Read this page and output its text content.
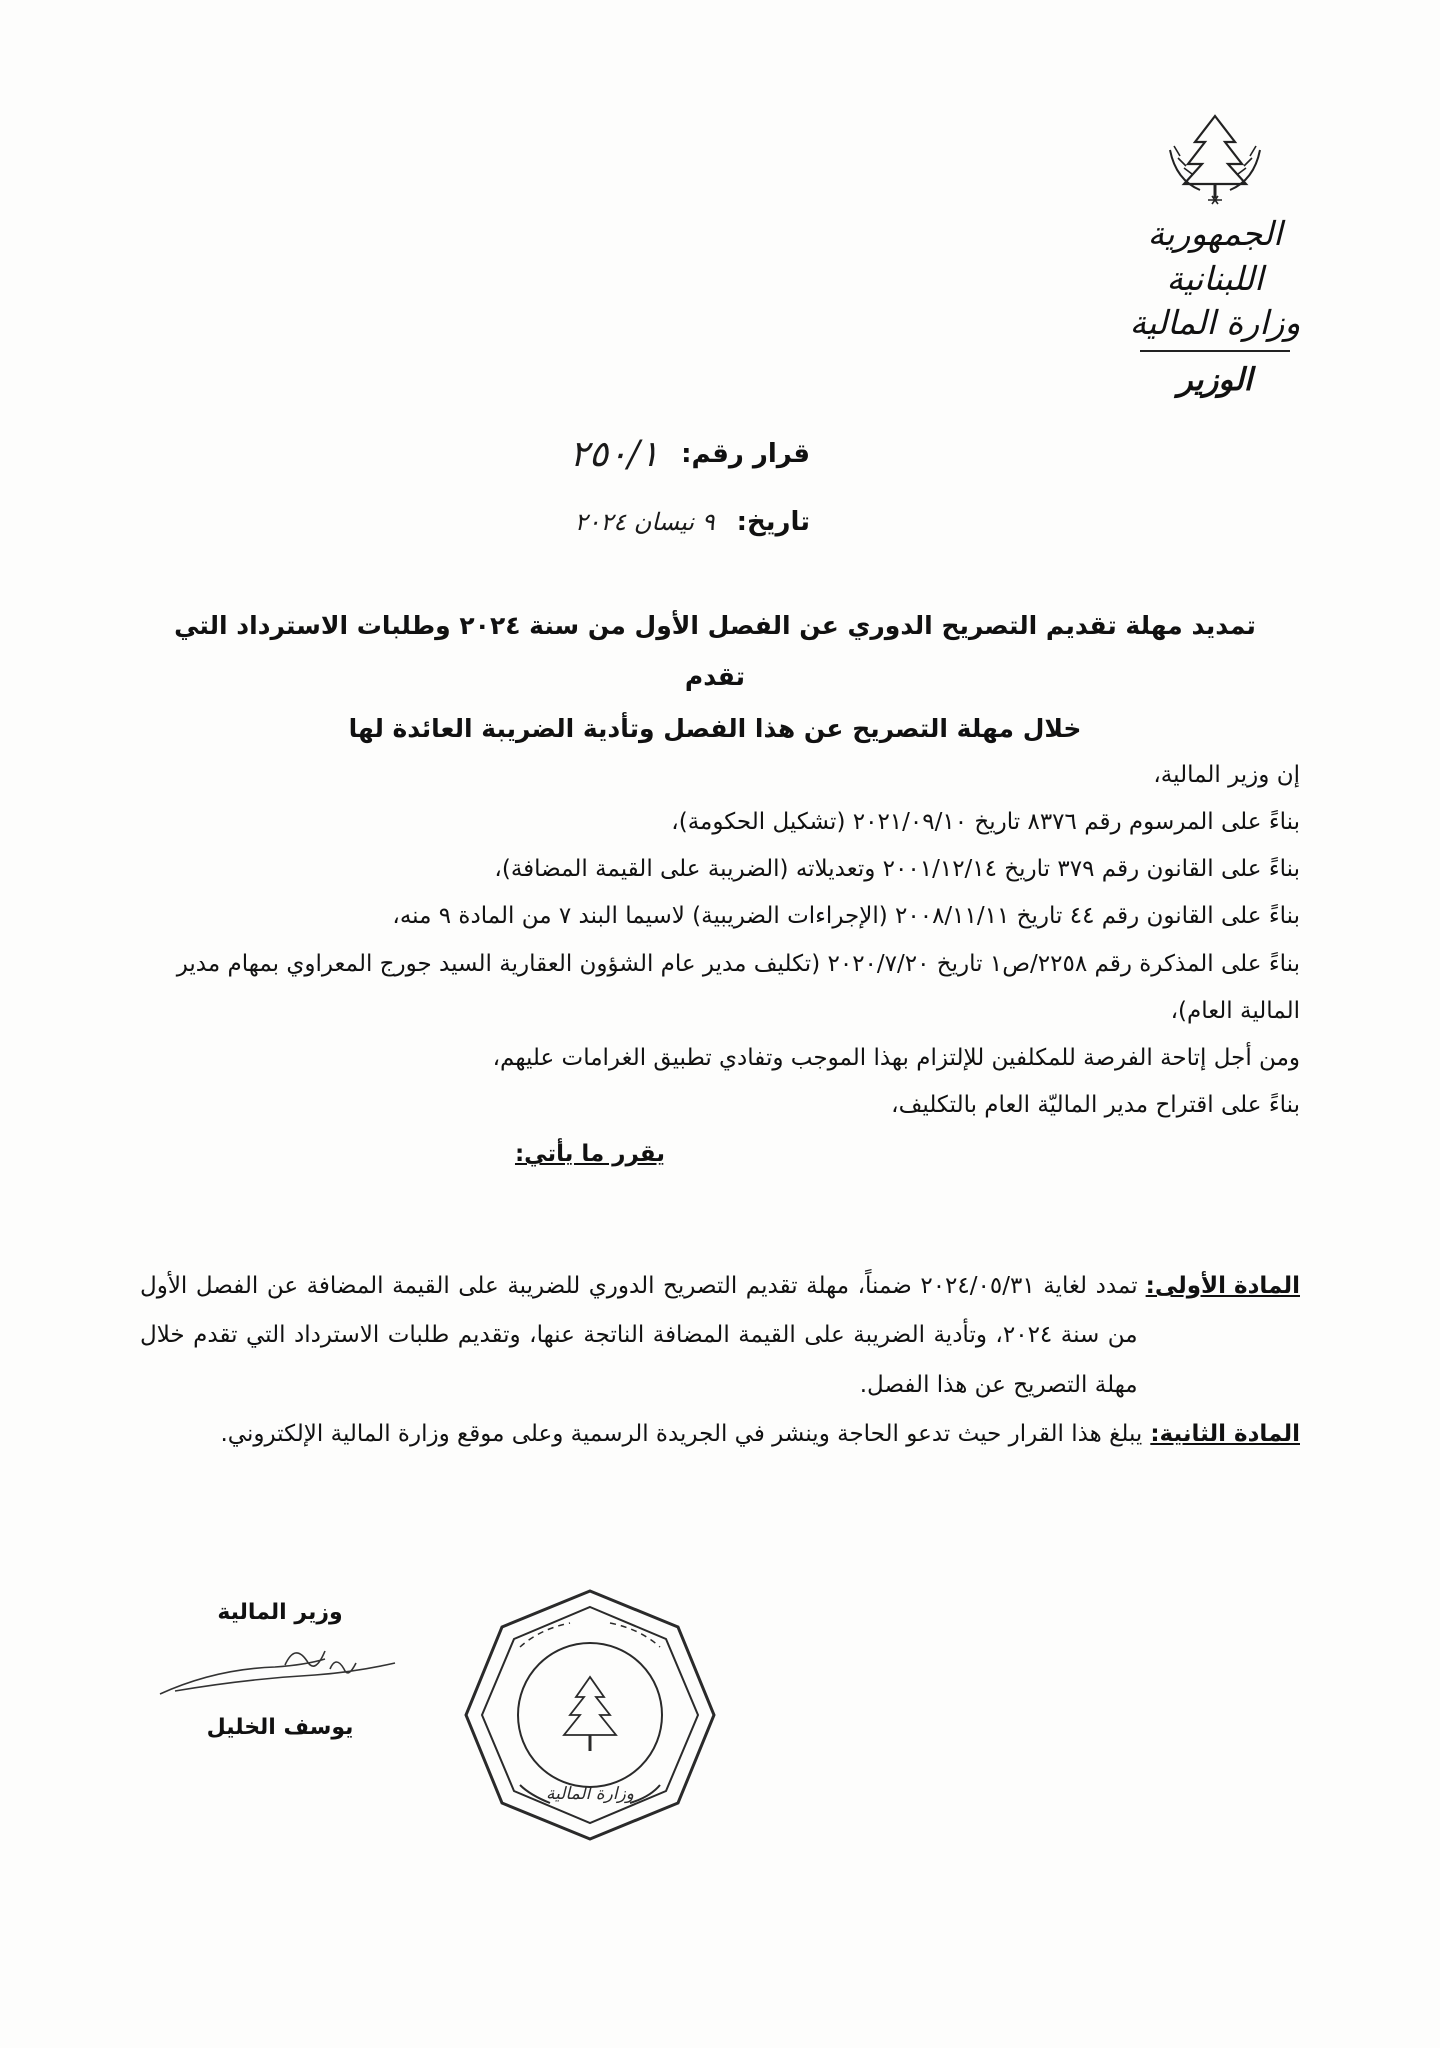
الجمهورية اللبنانية
وزارة المالية
الوزير
قرار رقم:
٢٥٠/١
تاريخ:
٩ نيسان ٢٠٢٤
تمديد مهلة تقديم التصريح الدوري عن الفصل الأول من سنة ٢٠٢٤ وطلبات الاسترداد التي تقدم
خلال مهلة التصريح عن هذا الفصل وتأدية الضريبة العائدة لها

إن وزير المالية،

بناءً على المرسوم رقم ٨٣٧٦ تاريخ ٢٠٢١/٠٩/١٠ (تشكيل الحكومة)،

بناءً على القانون رقم ٣٧٩ تاريخ ٢٠٠١/١٢/١٤ وتعديلاته (الضريبة على القيمة المضافة)،

بناءً على القانون رقم ٤٤ تاريخ ٢٠٠٨/١١/١١ (الإجراءات الضريبية) لاسيما البند ٧ من المادة ٩ منه،

بناءً على المذكرة رقم ٢٢٥٨/ص١ تاريخ ٢٠٢٠/٧/٢٠ (تكليف مدير عام الشؤون العقارية السيد جورج المعراوي بمهام مدير المالية العام)،

ومن أجل إتاحة الفرصة للمكلفين للإلتزام بهذا الموجب وتفادي تطبيق الغرامات عليهم،

بناءً على اقتراح مدير الماليّة العام بالتكليف،

يقرر ما يأتي:

المادة الأولى:
تمدد لغاية ٢٠٢٤/٠٥/٣١ ضمناً، مهلة تقديم التصريح الدوري للضريبة على القيمة المضافة عن الفصل الأول من سنة ٢٠٢٤، وتأدية الضريبة على القيمة المضافة الناتجة عنها، وتقديم طلبات الاسترداد التي تقدم خلال مهلة التصريح عن هذا الفصل.
المادة الثانية:
يبلغ هذا القرار حيث تدعو الحاجة وينشر في الجريدة الرسمية وعلى موقع وزارة المالية الإلكتروني.
وزير المالية
يوسف الخليل
وزارة المالية
